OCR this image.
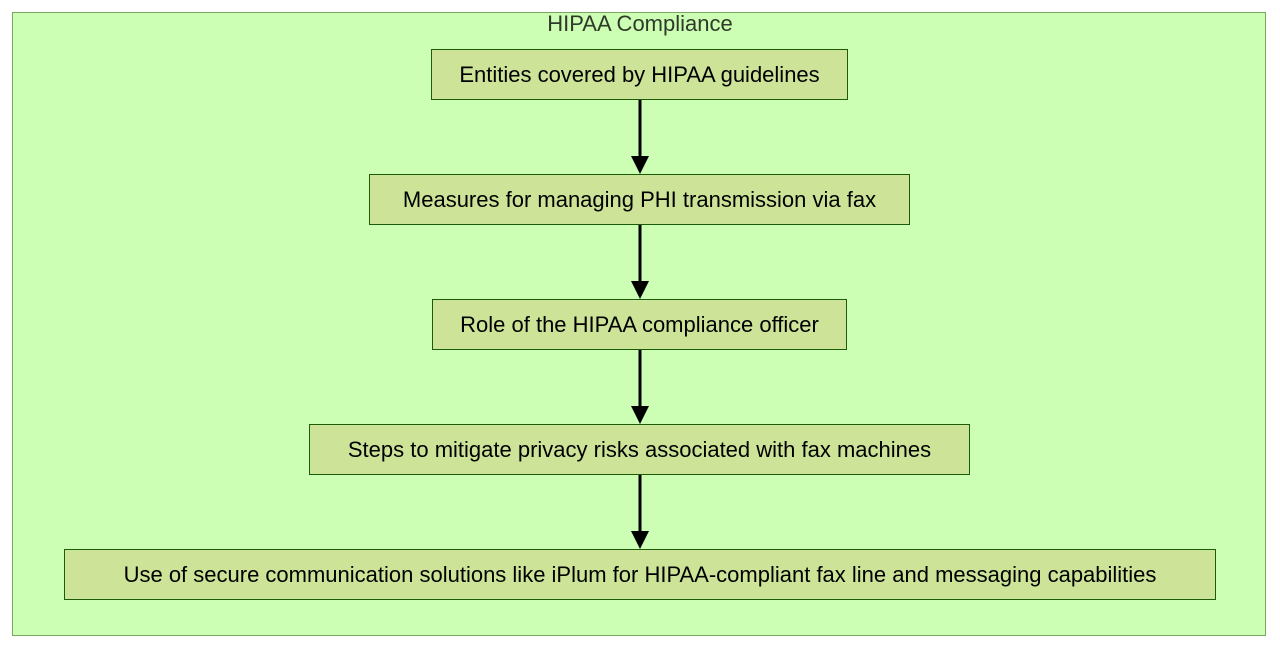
HIPAA Compliance
Entities covered by HIPAA guidelines
Measures for managing PHI transmission via fax
Role of the HIPAA compliance officer
Steps to mitigate privacy risks associated with fax machines
Use of secure communication solutions like iPlum for HIPAA-compliant fax line and messaging capabilities
